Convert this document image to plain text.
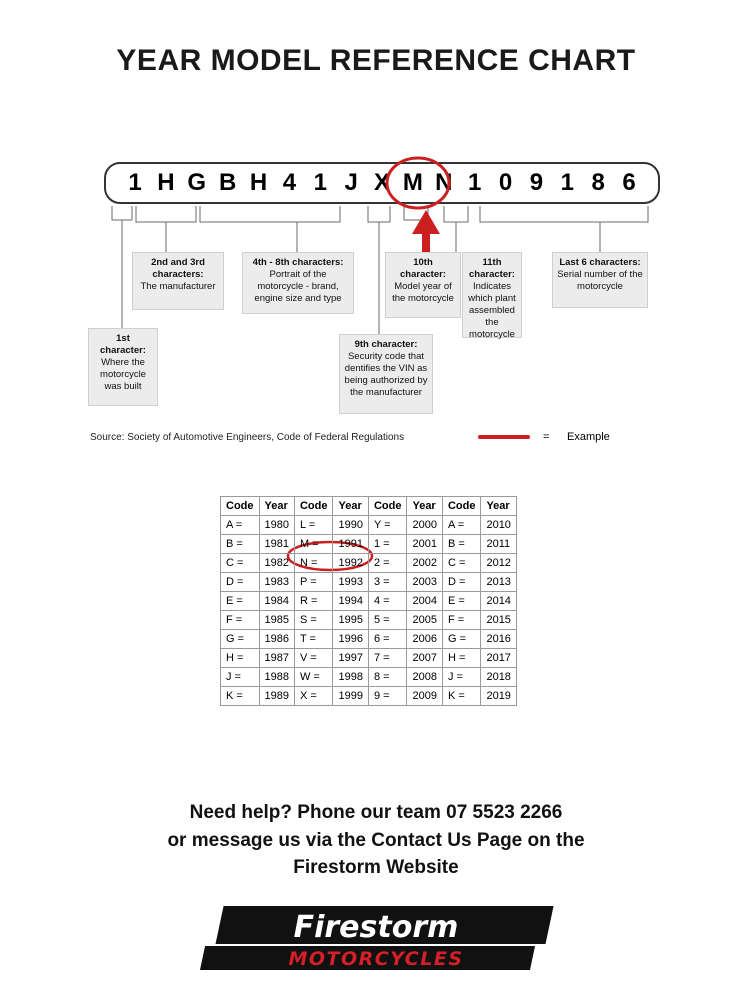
YEAR MODEL REFERENCE CHART
1 H G B H 4 1 J X M N 1 0 9 1 8 6
1st character:
Where the motorcycle was built
2nd and 3rd characters:
The manufacturer
4th - 8th characters:
Portrait of the motorcycle - brand, engine size and type
9th character:
Security code that dentifies the VIN as being authorized by the manufacturer
10th character:
Model year of the motorcycle
11th character:
Indicates which plant assembled the motorcycle
Last 6 characters:
Serial number of the motorcycle
Source: Society of Automotive Engineers, Code of Federal Regulations	= Example
Code	Year	Code	Year	Code	Year	Code	Year
A =	1980	L =	1990	Y =	2000	A =	2010
B =	1981	M =	1991	1 =	2001	B =	2011
C =	1982	N =	1992	2 =	2002	C =	2012
D =	1983	P =	1993	3 =	2003	D =	2013
E =	1984	R =	1994	4 =	2004	E =	2014
F =	1985	S =	1995	5 =	2005	F =	2015
G =	1986	T =	1996	6 =	2006	G =	2016
H =	1987	V =	1997	7 =	2007	H =	2017
J =	1988	W =	1998	8 =	2008	J =	2018
K =	1989	X =	1999	9 =	2009	K =	2019
Need help? Phone our team 07 5523 2266
or message us via the Contact Us Page on the
Firestorm Website
Firestorm
MOTORCYCLES
